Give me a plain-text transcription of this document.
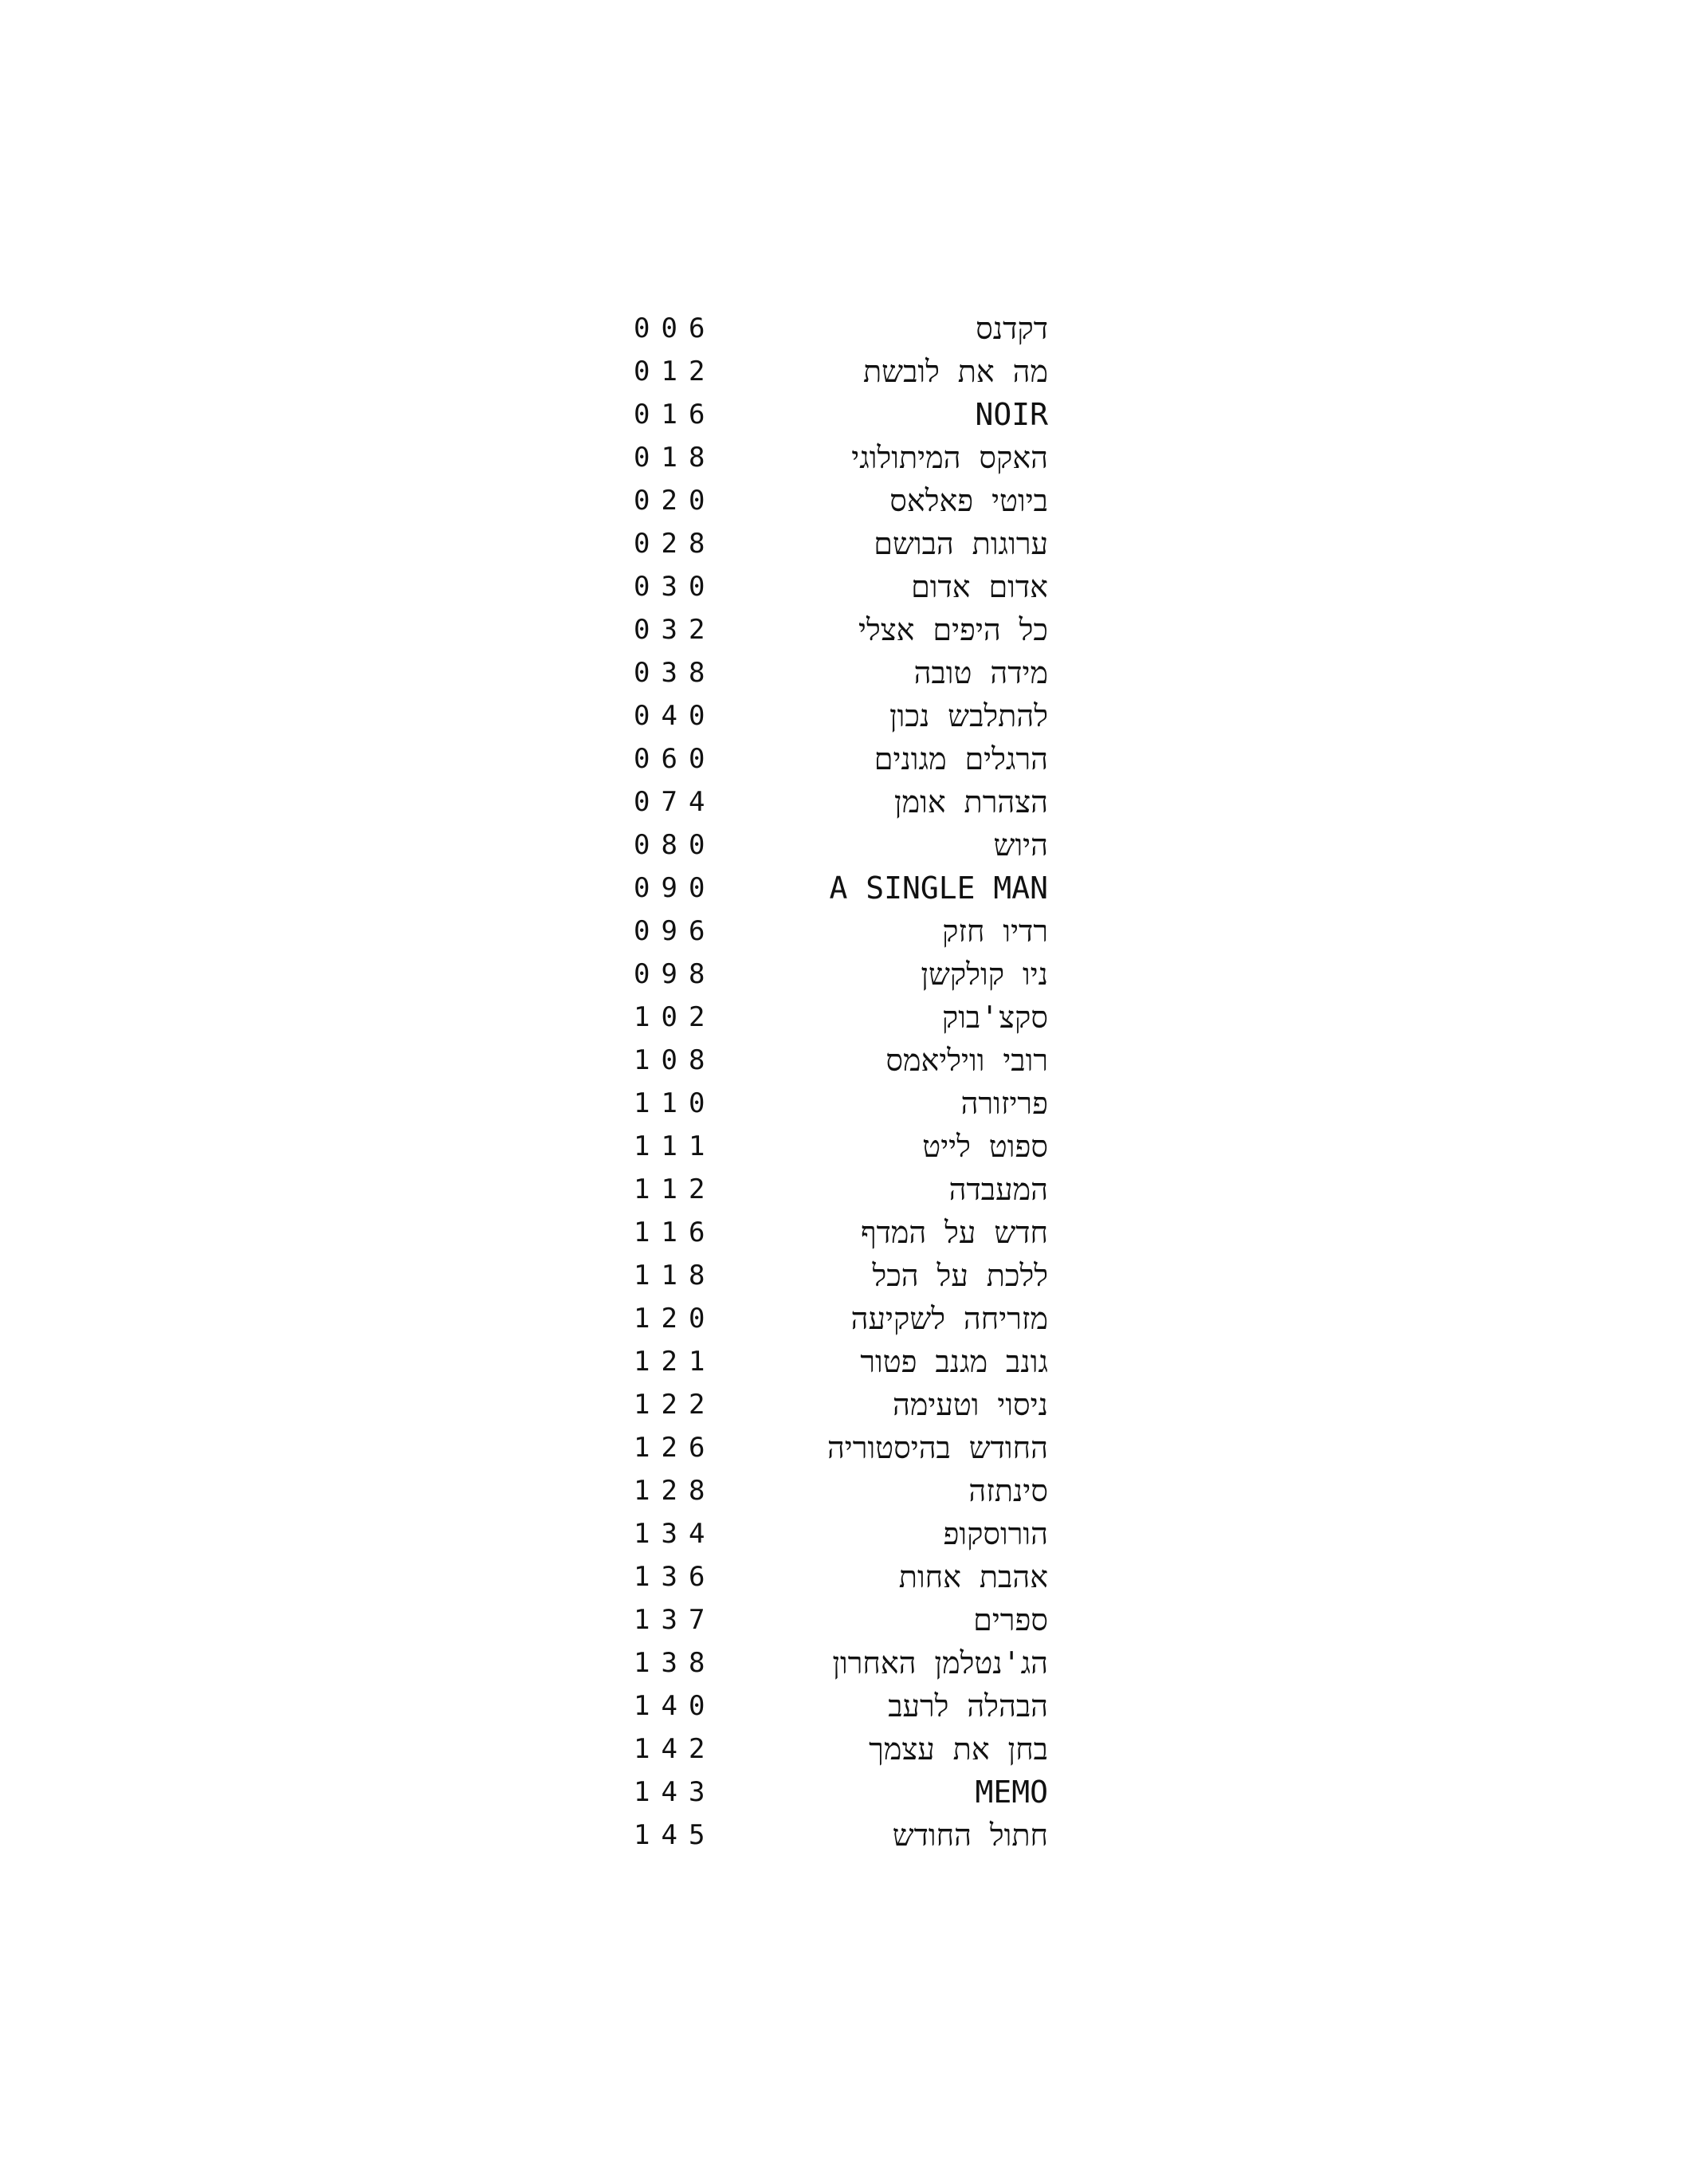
006	דקדנס
012	מה את לובשת
016	NOIR
018	האקס המיתולוגי
020	ביוטי פאלאס
028	ערוגות הבושם
030	אדום אדום
032	כל היפים אצלי
038	מידה טובה
040	להתלבש נכון
060	הרגלים מגונים
074	הצהרת אומן
080	היוש
090	A SINGLE MAN
096	רדיו חזק
098	ניו קולקשן
102	סקצ'בוק
108	רובי וויליאמס
110	פריזורה
111	ספוט לייט
112	המעבדה
116	חדש על המדף
118	ללכת על הכל
120	מזריחה לשקיעה
121	גונב מגנב פטור
122	ניסוי וטעימה
126	החודש בהיסטוריה
128	סינתזה
134	הורוסקופ
136	אהבת אחות
137	ספרים
138	הג'נטלמן האחרון
140	הבהלה לרעב
142	בחן את עצמך
143	MEMO
145	חתול החודש
